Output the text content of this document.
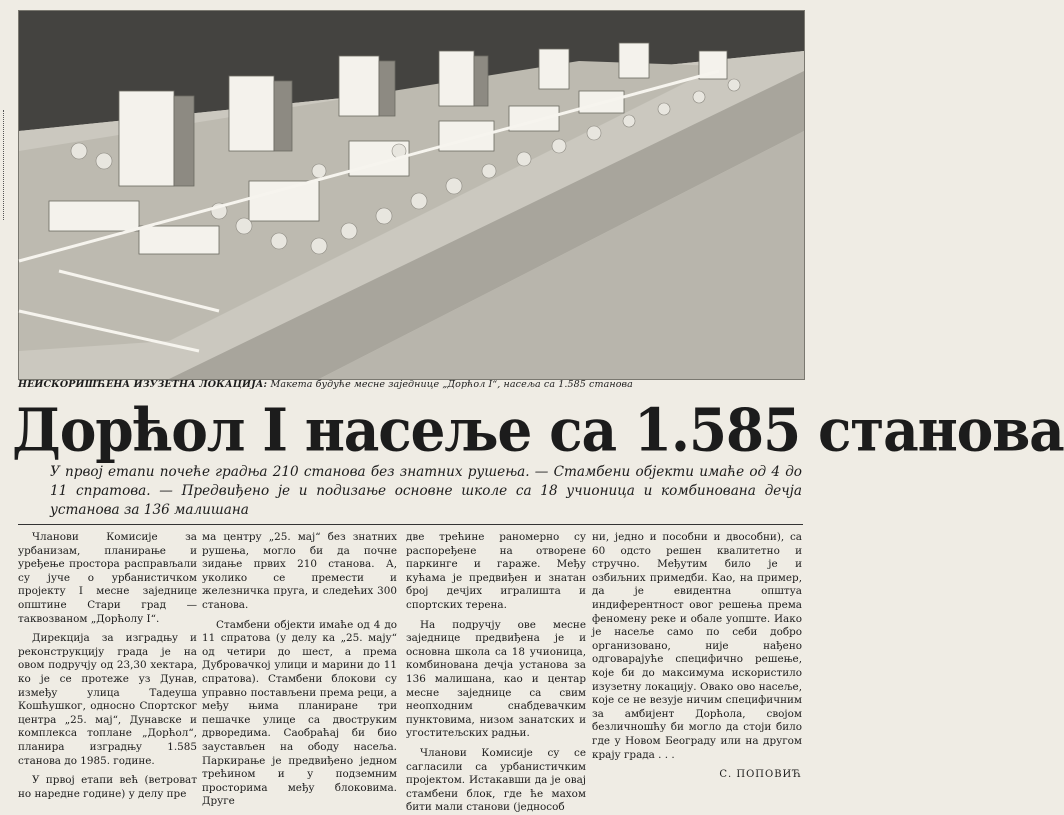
НЕИСКОРИШЋЕНА ИЗУЗЕТНА ЛОКАЦИЈА: Макета будуће месне заједнице „Дорћол I“, насеља са 1.585 станова
Дорћол I насеље са 1.585 станова
У првој етапи почеће градња 210 станова без знатних рушења. — Стамбени објекти имаће од 4 до 11 спратова. — Предвиђено је и подизање основне школе са 18 учионица и комбинована дечја установа за 136 малишана

Чланови Комисије за урбанизам, планирање и уређење простора расправљали су јуче о урбанистичком пројекту I месне заједнице општине Стари град — таквозваном „Дорћолу I“.

Дирекција за изградњу и реконструкцију града је на овом подручју од 23,30 хектара, ко је се протеже уз Дунав, између улица Тадеуша Кошћушког, односно Спортског центра „25. мај“, Дунавске и комплекса топлане „Дорћол“, планира изградњу 1.585 станова до 1985. године.

У првој етапи већ (ветроват но наредне године) у делу пре

ма центру „25. мај“ без знатних рушења, могло би да почне зидање првих 210 станова. А, уколико се премести и железничка пруга, и следећих 300 станова.

Стамбени објекти имаће од 4 до 11 спратова (у делу ка „25. мају“ од четири до шест, а према Дубровачкој улици и марини до 11 спратова). Стамбени блокови су управно постављени према реци, а међу њима планиране три пешачке улице са двоструким дрворедима. Саобраћај би био заустављен на ободу насеља. Паркирање је предвиђено једном трећином и у подземним просторима међу блоковима. Друге

две трећине раномерно су распоређене на отворене паркинге и гараже. Међу кућама је предвиђен и знатан број дечјих игралишта и спортских терена.

На подручју ове месне заједнице предвиђена је и основна школа са 18 учионица, комбинована дечја установа за 136 малишана, као и центар месне заједнице са свим неопходним снабдевачким пунктовима, низом занатских и угоститељских радњи.

Чланови Комисије су се сагласили са урбанистичким пројектом. Истакавши да је овај стамбени блок, где ће махом бити мали станови (једнособ

ни, једно и пособни и двособни), са 60 одсто решен квалитетно и стручно. Међутим било је и озбиљних примедби. Као, на пример, да је евидентна општуа индиферентност овог решења према феномену реке и обале уопште. Иако је насеље само по себи добро организовано, није нађено одговарајуће специфично решење, које би до максимума искористило изузетну локацију. Овако ово насеље, које се не везује ничим специфичним за амбијент Дорћола, својом безличношћу би могло да стоји било где у Новом Београду или на другом крају града . . .

С. ПОПОВИЋ
